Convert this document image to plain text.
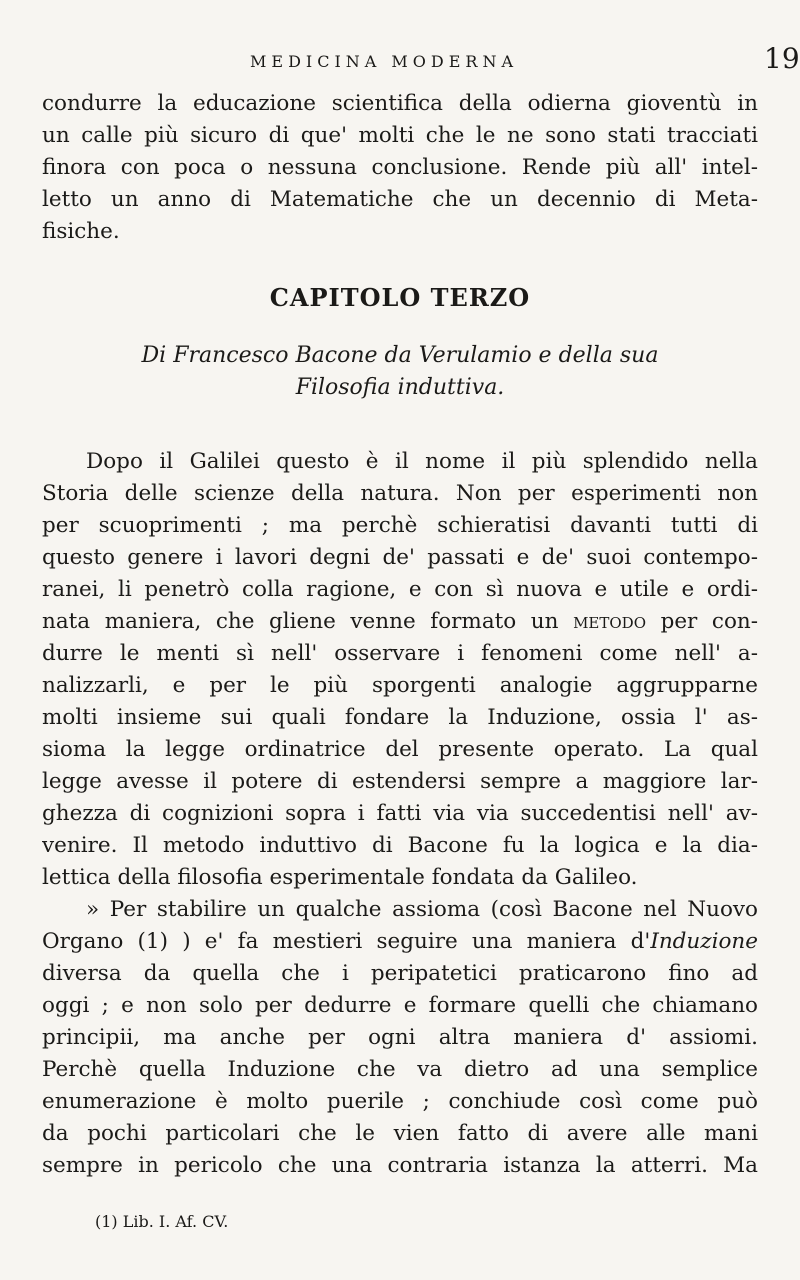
MEDICINA MODERNA	19
condurre la educazione scientifica della odierna gioventù in
un calle più sicuro di que' molti che le ne sono stati tracciati
finora con poca o nessuna conclusione. Rende più all' intel-
letto un anno di Matematiche che un decennio di Meta-
fisiche.
CAPITOLO TERZO
Di Francesco Bacone da Verulamio e della sua
Filosofia induttiva.
Dopo il Galilei questo è il nome il più splendido nella
Storia delle scienze della natura. Non per esperimenti non
per scuoprimenti ; ma perchè schieratisi davanti tutti di
questo genere i lavori degni de' passati e de' suoi contempo-
ranei, li penetrò colla ragione, e con sì nuova e utile e ordi-
nata maniera, che gliene venne formato un metodo per con-
durre le menti sì nell' osservare i fenomeni come nell' a-
nalizzarli, e per le più sporgenti analogie aggrupparne
molti insieme sui quali fondare la Induzione, ossia l' as-
sioma la legge ordinatrice del presente operato. La qual
legge avesse il potere di estendersi sempre a maggiore lar-
ghezza di cognizioni sopra i fatti via via succedentisi nell' av-
venire. Il metodo induttivo di Bacone fu la logica e la dia-
lettica della filosofia esperimentale fondata da Galileo.
» Per stabilire un qualche assioma (così Bacone nel Nuovo
Organo (1) ) e' fa mestieri seguire una maniera d'Induzione
diversa da quella che i peripatetici praticarono fino ad
oggi ; e non solo per dedurre e formare quelli che chiamano
principii, ma anche per ogni altra maniera d' assiomi.
Perchè quella Induzione che va dietro ad una semplice
enumerazione è molto puerile ; conchiude così come può
da pochi particolari che le vien fatto di avere alle mani
sempre in pericolo che una contraria istanza la atterri. Ma
(1) Lib. I. Af. CV.
